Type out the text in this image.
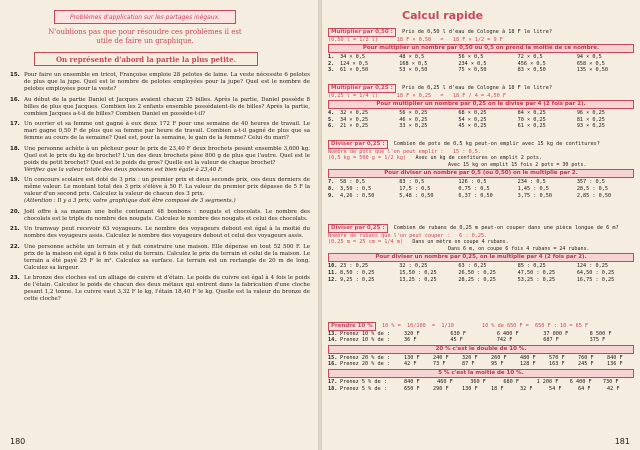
Problèmes d'application sur les partages inégaux.
N'oublions pas que pour résoudre ces problèmes il est utile de faire un graphique.
On représente d'abord la partie la plus petite.
15. Pour faire un ensemble en tricot, Françoise emploie 28 pelotes de laine. La veste nécessite 6 pelotes de plus que la jupe. Quel est le nombre de pelotes employées pour la jupe? Quel est le nombre de pelotes employées pour la veste?
16. Au début de la partie Daniel et Jacques avaient chacun 25 billes. Après la partie, Daniel possède 8 billes de plus que Jacques. Combien les 2 enfants ensemble possédaient-ils de billes? Après la partie, combien Jacques a-t-il de billes? Combien Daniel en possède-t-il?
17. Un ouvrier et sa femme ont gagné à eux deux 172 F pour une semaine de 40 heures de travail. Le mari gagne 0,50 F de plus que sa femme par heure de travail. Combien a-t-il gagné de plus que sa femme au cours de la semaine? Quel est, pour la semaine, le gain de la femme? Celui du mari?
18. Une personne achète à un pêcheur pour le prix de 23,40 F deux brochets pesant ensemble 3,600 kg. Quel est le prix du kg de brochet? L'un des deux brochets pèse 800 g de plus que l'autre. Quel est le poids du petit brochet? Quel est le poids du gros? Quelle est la valeur de chaque brochet?
Vérifiez que la valeur totale des deux poissons est bien égale à 23,40 F.
19. Un concours scolaire est doté de 3 prix : un premier prix et deux seconds prix, ces deux derniers de même valeur. Le montant total des 3 prix s'élève à 50 F. La valeur du premier prix dépasse de 5 F la valeur d'un second prix. Calculez la valeur de chacun des 3 prix.
(Attention : Il y a 3 prix; votre graphique doit être composé de 3 segments.)
20. Joël offre à sa maman une boîte contenant 48 bonbons : nougats et chocolats. Le nombre des chocolats est le triple du nombre des nougats. Calculez le nombre des nougats et celui des chocolats.
21. Un tramway peut recevoir 63 voyageurs. Le nombre des voyageurs debout est égal à la moitié du nombre des voyageurs assis. Calculez le nombre des voyageurs debout et celui des voyageurs assis.
22. Une personne achète un terrain et y fait construire une maison. Elle dépense en tout 52 500 F. Le prix de la maison est égal à 6 fois celui du terrain. Calculez le prix du terrain et celui de la maison. Le terrain a été payé 25 F le m². Calculez sa surface. Le terrain est un rectangle de 20 m de long. Calculez sa largeur.
23. Le bronze des cloches est un alliage de cuivre et d'étain. Le poids du cuivre est égal à 4 fois le poids de l'étain. Calculez le poids de chacun des deux métaux qui entrent dans la fabrication d'une cloche pesant 1,2 tonne. Le cuivre vaut 3,32 F le kg, l'étain 18,40 F le kg. Quelle est la valeur du bronze de cette cloche?
180
Calcul rapide
Multiplier par 0,50 : Prix de 0,50 l d'eau de Cologne à 18 F le litre?
(0,50 l = 1/2 l)      18 F × 0,50   =   18 F × 1/2 = 9 F
Pour multiplier un nombre par 0,50 ou 0,5 on prend la moitié de ce nombre.
1.	34 × 0,5	48 × 0,5	56 × 0,5	72 × 0,5	94 × 0,5
2.	124 × 0,5	168 × 0,5	234 × 0,5	456 × 0,5	658 × 0,5
3.	61 × 0,50	53 × 0,50	75 × 0,50	83 × 0,50	135 × 0,50
Multiplier par 0,25 : Prix de 0,25 l d'eau de Cologne à 18 F le litre?
(0,25 l = 1/4 l)      18 F × 0,25   =   18 F / 4 = 4,50 F
Pour multiplier un nombre par 0,25 on le divise par 4 (2 fois par 2).
4.	32 × 0,25	56 × 0,25	68 × 0,25	84 × 0,25	96 × 0,25
5.	34 × 0,25	46 × 0,25	54 × 0,25	70 × 0,25	81 × 0,25
6.	21 × 0,25	33 × 0,25	45 × 0,25	61 × 0,25	93 × 0,25
Diviser par 0,25 : Combien de pots de 0,5 kg peut-on emplir avec 15 kg de confitures?
Nombre de pots que l'on peut emplir :   15 : 0,5.
(0,5 kg = 500 g = 1/2 kg) Avec un kg de confitures on emplit 2 pots.
Avec 15 kg on emplit 15 fois 2 pots = 30 pots.
Pour diviser un nombre par 0,5 (ou 0,50) on le multiplie par 2.
7.	58 : 0,5	83 : 0,5	126 : 0,5	234 : 0,5	357 : 0,5
8.	3,50 : 0,5	17,5 : 0,5	0,75 : 0,5	1,45 : 0,5	28,5 : 0,5
9.	4,26 : 0,50	5,48 : 0,50	6,37 : 0,50	3,75 : 0,50	2,85 : 0,50
Diviser par 0,25 : Combien de rubans de 0,25 m peut-on couper dans une pièce longue de 6 m?
Nombre de rubans que l'on peut couper :   6 : 0,25.
(0,25 m = 25 cm = 1/4 m) Dans un mètre on coupe 4 rubans.
Dans 6 m, on coupe 6 fois 4 rubans = 24 rubans.
Pour diviser un nombre par 0,25, on le multiplie par 4 (2 fois par 2).
10. 23 : 0,25	32 : 0,25	63 : 0,25	85 : 0,25	124 : 0,25
11. 8,50 : 0,25	15,50 : 0,25	26,50 : 0,25	47,50 : 0,25	64,50 : 0,25
12. 9,25 : 0,25	13,25 : 0,25	28,25 : 0,25	53,25 : 0,25	16,75 : 0,25
Prendre 10 % 10 % =  10/100  =  1/10         10 % de 650 F =  650 F : 10 = 65 F
13. Prenez 10 % de :	320 F	630 F	6 400 F	37 000 F	8 500 F
14. Prenez 10 % de :	36 F	45 F	742 F	687 F	375 F
20 % c'est le double de 10 %.
15. Prenez 20 % de :	130 F	240 F	320 F	260 F	480 F	570 F	760 F	840 F
16. Prenez 20 % de :	42 F	73 F	87 F	95 F	128 F	163 F	245 F	136 F
5 % c'est la moitié de 10 %.
17. Prenez 5 % de :	840 F	460 F	360 F	680 F	1 200 F	6 400 F	730 F
18. Prenez 5 % de :	650 F	290 F	130 F	18 F	32 F	54 F	64 F	42 F
181
